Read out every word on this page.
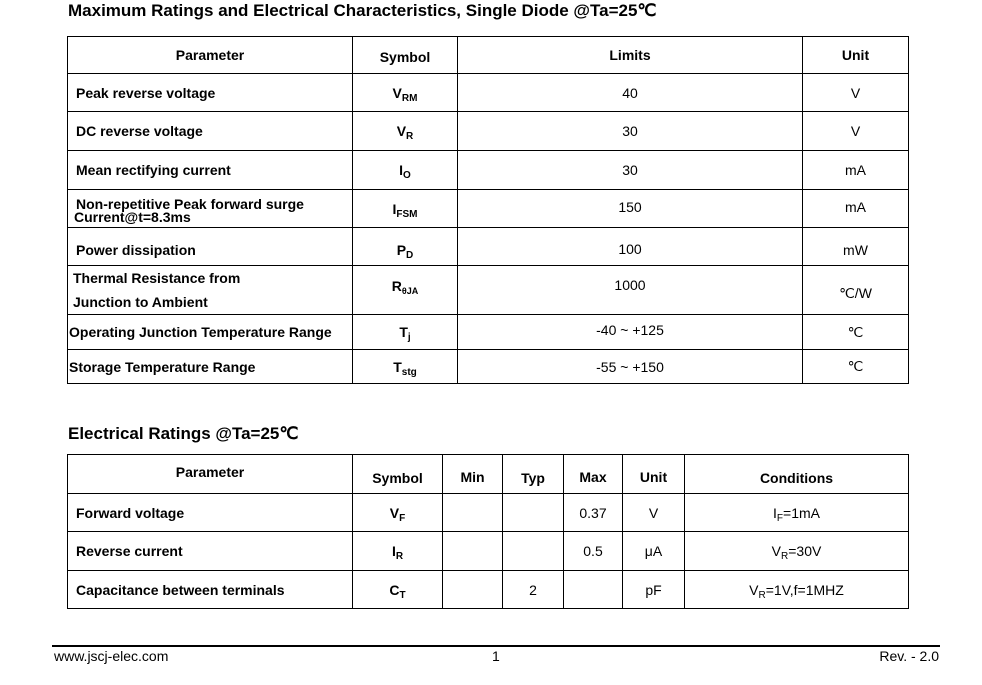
Maximum Ratings and Electrical Characteristics, Single Diode @Ta=25℃
Parameter	Symbol	Limits	Unit
Peak reverse voltage	$V_{RM}$	40	V
DC reverse voltage	$V_R$	30	V
Mean rectifying current	$I_O$	30	mA

Non-repetitive Peak forward surge
Current@t=8.3ms	$I_{FSM}$	150	mA
Power dissipation	$P_D$	100	mW

Thermal Resistance from
Junction to Ambient	$R_{\theta JA}$	1000	℃/W
Operating Junction Temperature Range	$T_j$	-40 ~ +125	℃
Storage Temperature Range	$T_{stg}$	-55 ~ +150	℃
Electrical Ratings @Ta=25℃
Parameter	Symbol	Min	Typ	Max	Unit	Conditions
Forward voltage	$V_F$			0.37	V	$I_F=1mA$
Reverse current	$I_R$			0.5	μA	$V_R=30V$
Capacitance between terminals	$C_T$		2		pF	$V_R=1V,f=1MHZ$
www.jscj-elec.com	1	Rev. - 2.0
